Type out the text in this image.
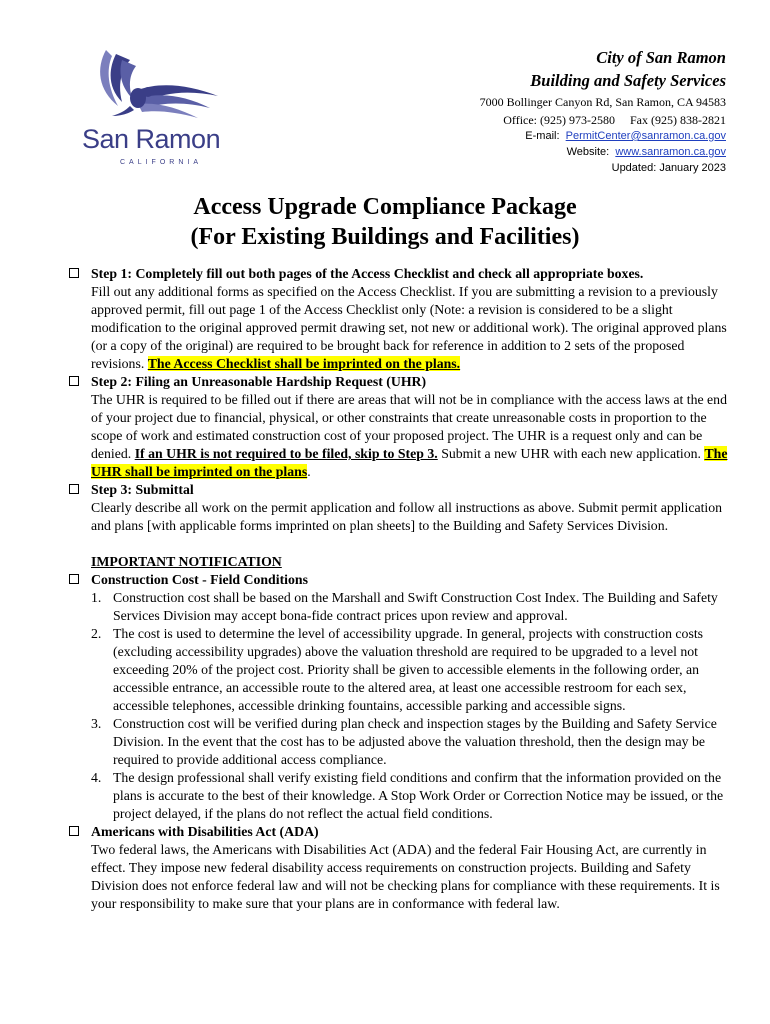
San Ramon
CALIFORNIA
City of San Ramon
Building and Safety Services
7000 Bollinger Canyon Rd, San Ramon, CA 94583
Office: (925) 973-2580 Fax (925) 838-2821
E-mail: PermitCenter@sanramon.ca.gov
Website: www.sanramon.ca.gov
Updated: January 2023
Access Upgrade Compliance Package
(For Existing Buildings and Facilities)
Step 1: Completely fill out both pages of the Access Checklist and check all appropriate boxes.
Fill out any additional forms as specified on the Access Checklist. If you are submitting a revision to a previously approved permit, fill out page 1 of the Access Checklist only (Note: a revision is considered to be a slight modification to the original approved permit drawing set, not new or additional work). The original approved plans (or a copy of the original) are required to be brought back for reference in addition to 2 sets of the proposed revisions. The Access Checklist shall be imprinted on the plans.
Step 2: Filing an Unreasonable Hardship Request (UHR)
The UHR is required to be filled out if there are areas that will not be in compliance with the access laws at the end of your project due to financial, physical, or other constraints that create unreasonable costs in proportion to the scope of work and estimated construction cost of your proposed project. The UHR is a request only and can be denied. If an UHR is not required to be filed, skip to Step 3. Submit a new UHR with each new application. The UHR shall be imprinted on the plans.
Step 3: Submittal
Clearly describe all work on the permit application and follow all instructions as above. Submit permit application and plans [with applicable forms imprinted on plan sheets] to the Building and Safety Services Division.
IMPORTANT NOTIFICATION
Construction Cost - Field Conditions
1. Construction cost shall be based on the Marshall and Swift Construction Cost Index. The Building and Safety Services Division may accept bona-fide contract prices upon review and approval.
2. The cost is used to determine the level of accessibility upgrade. In general, projects with construction costs (excluding accessibility upgrades) above the valuation threshold are required to be upgraded to a level not exceeding 20% of the project cost. Priority shall be given to accessible elements in the following order, an accessible entrance, an accessible route to the altered area, at least one accessible restroom for each sex, accessible telephones, accessible drinking fountains, accessible parking and accessible signs.
3. Construction cost will be verified during plan check and inspection stages by the Building and Safety Service Division. In the event that the cost has to be adjusted above the valuation threshold, then the design may be required to provide additional access compliance.
4. The design professional shall verify existing field conditions and confirm that the information provided on the plans is accurate to the best of their knowledge. A Stop Work Order or Correction Notice may be issued, or the project delayed, if the plans do not reflect the actual field conditions.
Americans with Disabilities Act (ADA)
Two federal laws, the Americans with Disabilities Act (ADA) and the federal Fair Housing Act, are currently in effect. They impose new federal disability access requirements on construction projects. Building and Safety Division does not enforce federal law and will not be checking plans for compliance with these requirements. It is your responsibility to make sure that your plans are in conformance with federal law.
